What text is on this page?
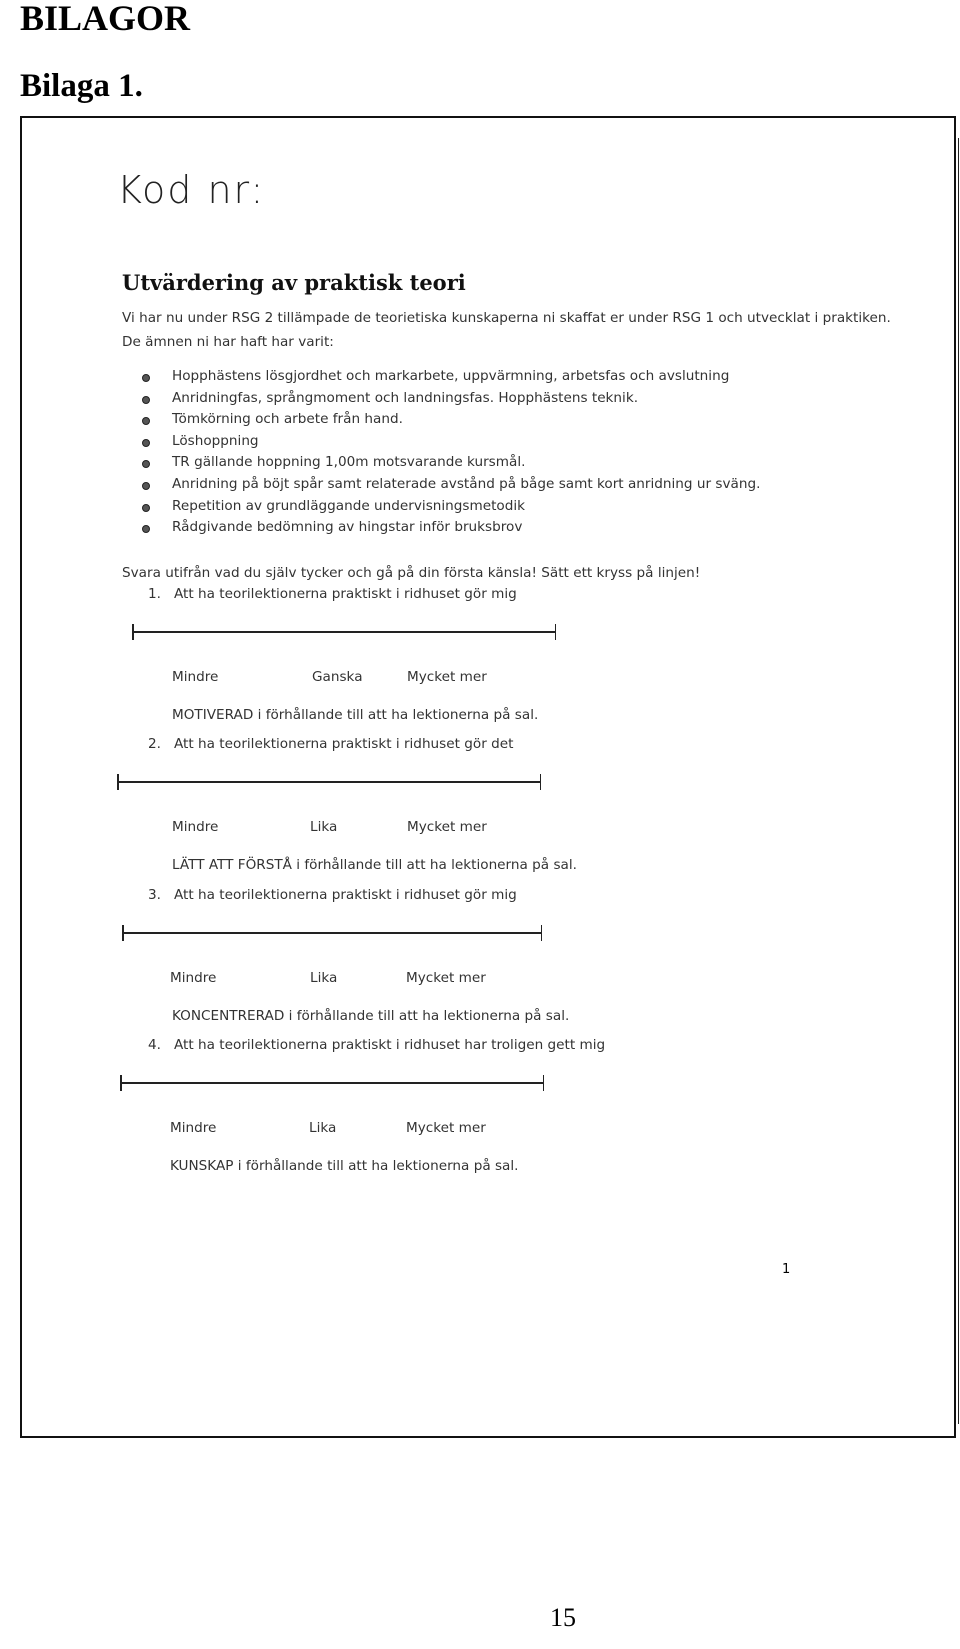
BILAGOR
Bilaga 1.
Kod nr:
Utvärdering av praktisk teori
Vi har nu under RSG 2 tillämpade de teorietiska kunskaperna ni skaffat er under RSG 1 och utvecklat i praktiken. De ämnen ni har haft har varit:
Hopphästens lösgjordhet och markarbete, uppvärmning, arbetsfas och avslutning
Anridningfas, språngmoment och landningsfas. Hopphästens teknik.
Tömkörning och arbete från hand.
Löshoppning
TR gällande hoppning 1,00m motsvarande kursmål.
Anridning på böjt spår samt relaterade avstånd på båge samt kort anridning ur sväng.
Repetition av grundläggande undervisningsmetodik
Rådgivande bedömning av hingstar inför bruksbrov
Svara utifrån vad du själv tycker och gå på din första känsla! Sätt ett kryss på linjen!
1. Att ha teorilektionerna praktiskt i ridhuset gör mig
Mindre	Ganska	Mycket mer
MOTIVERAD i förhållande till att ha lektionerna på sal.
2. Att ha teorilektionerna praktiskt i ridhuset gör det
Mindre	Lika	Mycket mer
LÄTT ATT FÖRSTÅ i förhållande till att ha lektionerna på sal.
3. Att ha teorilektionerna praktiskt i ridhuset gör mig
Mindre	Lika	Mycket mer
KONCENTRERAD i förhållande till att ha lektionerna på sal.
4. Att ha teorilektionerna praktiskt i ridhuset har troligen gett mig
Mindre	Lika	Mycket mer
KUNSKAP i förhållande till att ha lektionerna på sal.
1
15
